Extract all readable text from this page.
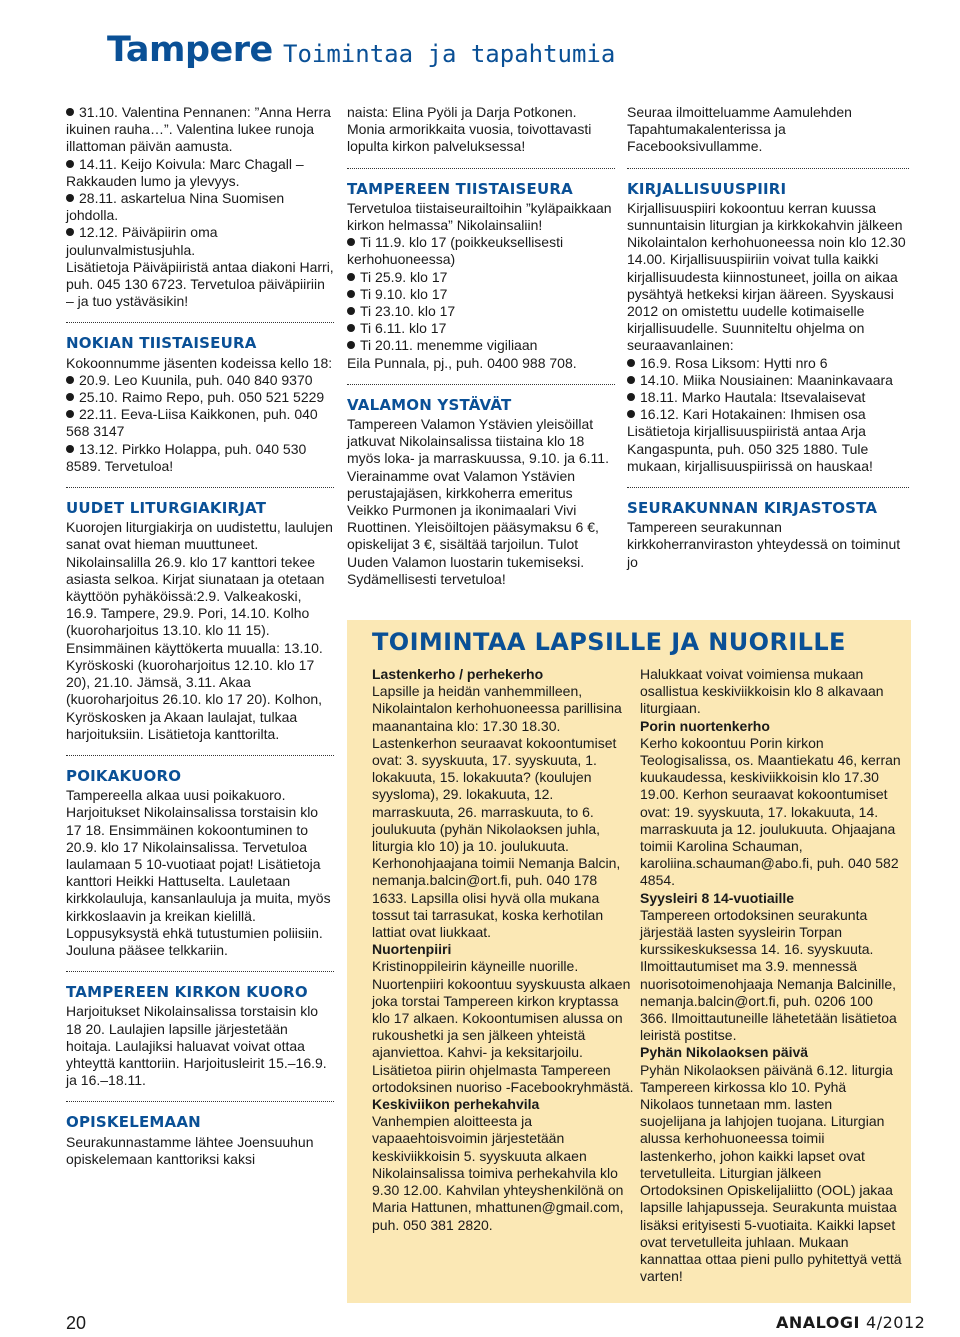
Tampere Toimintaa ja tapahtumia

31.10. Valentina Pennanen: ”Anna Herra ikuinen rauha…”. Valentina lukee runoja illattoman päivän aamusta.

14.11. Keijo Koivula: Marc Chagall – Rakkauden lumo ja ylevyys.

28.11. askartelua Nina Suomisen johdolla.

12.12. Päiväpiirin oma joulunvalmistusjuhla.

Lisätietoja Päiväpiiristä antaa diakoni Harri, puh. 045 130 6723. Tervetuloa päiväpiiriin – ja tuo ystäväsikin!

NOKIAN TIISTAISEURA

Kokoonnumme jäsenten kodeissa kello 18:

20.9. Leo Kuunila, puh. 040 840 9370

25.10. Raimo Repo, puh. 050 521 5229

22.11. Eeva-Liisa Kaikkonen, puh. 040 568 3147

13.12. Pirkko Holappa, puh. 040 530 8589. Tervetuloa!

UUDET LITURGIAKIRJAT

Kuorojen liturgiakirja on uudistettu, laulujen sanat ovat hieman muuttuneet. Nikolainsalilla 26.9. klo 17 kanttori tekee asiasta selkoa. Kirjat siunataan ja otetaan käyttöön pyhäköissä:2.9. Valkeakoski, 16.9. Tampere, 29.9. Pori, 14.10. Kolho (kuoroharjoitus 13.10. klo 11 15). Ensimmäinen käyttökerta muualla: 13.10. Kyröskoski (kuoroharjoitus 12.10. klo 17 20), 21.10. Jämsä, 3.11. Akaa (kuoroharjoitus 26.10. klo 17 20). Kolhon, Kyröskosken ja Akaan laulajat, tulkaa harjoituksiin. Lisätietoja kanttorilta.

POIKAKUORO

Tampereella alkaa uusi poikakuoro. Harjoitukset Nikolainsalissa torstaisin klo 17 18. Ensimmäinen kokoontuminen to 20.9. klo 17 Nikolainsalissa. Tervetuloa laulamaan 5 10-vuotiaat pojat! Lisätietoja kanttori Heikki Hattuselta. Lauletaan kirkkolauluja, kansanlauluja ja muita, myös kirkkoslaavin ja kreikan kielillä. Loppusyksystä ehkä tutustumien poliisiin. Jouluna pääsee telkkariin.

TAMPEREEN KIRKON KUORO

Harjoitukset Nikolainsalissa torstaisin klo 18 20. Laulajien lapsille järjestetään hoitaja. Laulajiksi haluavat voivat ottaa yhteyttä kanttoriin. Harjoitusleirit 15.–16.9. ja 16.–18.11.

OPISKELEMAAN

Seurakunnastamme lähtee Joensuuhun opiskelemaan kanttoriksi kaksi

naista: Elina Pyöli ja Darja Potkonen. Monia armorikkaita vuosia, toivottavasti lopulta kirkon palveluksessa!

TAMPEREEN TIISTAISEURA

Tervetuloa tiistaiseurailtoihin ”kyläpaikkaan kirkon helmassa” Nikolainsaliin!

Ti 11.9. klo 17 (poikkeuksellisesti kerhohuoneessa)

Ti 25.9. klo 17

Ti 9.10. klo 17

Ti 23.10. klo 17

Ti 6.11. klo 17

Ti 20.11. menemme vigiliaan

Eila Punnala, pj., puh. 0400 988 708.

VALAMON YSTÄVÄT

Tampereen Valamon Ystävien yleisöillat jatkuvat Nikolainsalissa tiistaina klo 18 myös loka- ja marraskuussa, 9.10. ja 6.11. Vierainamme ovat Valamon Ystävien perustajajäsen, kirkkoherra emeritus Veikko Purmonen ja ikonimaalari Vivi Ruottinen. Yleisöiltojen pääsymaksu 6 €, opiskelijat 3 €, sisältää tarjoilun. Tulot Uuden Valamon luostarin tukemiseksi. Sydämellisesti tervetuloa!

Seuraa ilmoitteluamme Aamulehden Tapahtumakalenterissa ja Facebooksivullamme.

KIRJALLISUUSPIIRI

Kirjallisuuspiiri kokoontuu kerran kuussa sunnuntaisin liturgian ja kirkkokahvin jälkeen Nikolaintalon kerhohuoneessa noin klo 12.30 14.00. Kirjallisuuspiiriin voivat tulla kaikki kirjallisuudesta kiinnostuneet, joilla on aikaa pysähtyä hetkeksi kirjan ääreen. Syyskausi 2012 on omistettu uudelle kotimaiselle kirjallisuudelle. Suunniteltu ohjelma on seuraavanlainen:

16.9. Rosa Liksom: Hytti nro 6

14.10. Miika Nousiainen: Maaninkavaara

18.11. Marko Hautala: Itsevalaisevat

16.12. Kari Hotakainen: Ihmisen osa

Lisätietoja kirjallisuuspiiristä antaa Arja Kangaspunta, puh. 050 325 1880. Tule mukaan, kirjallisuuspiirissä on hauskaa!

SEURAKUNNAN KIRJASTOSTA

Tampereen seurakunnan kirkkoherranviraston yhteydessä on toiminut jo

TOIMINTAA LAPSILLE JA NUORILLE

Lastenkerho / perhekerho

Lapsille ja heidän vanhemmilleen, Nikolaintalon kerhohuoneessa parillisina maanantaina klo: 17.30 18.30. Lastenkerhon seuraavat kokoontumiset ovat: 3. syyskuuta, 17. syyskuuta, 1. lokakuuta, 15. lokakuuta? (koulujen syysloma), 29. lokakuuta, 12. marraskuuta, 26. marraskuuta, to 6. joulukuuta (pyhän Nikolaoksen juhla, liturgia klo 10) ja 10. joulukuuta. Kerhonohjaajana toimii Nemanja Balcin, nemanja.balcin@ort.fi, puh. 040 178 1633. Lapsilla olisi hyvä olla mukana tossut tai tarrasukat, koska kerhotilan lattiat ovat liukkaat.

Nuortenpiiri

Kristinoppileirin käyneille nuorille. Nuortenpiiri kokoontuu syyskuusta alkaen joka torstai Tampereen kirkon kryptassa klo 17 alkaen. Kokoontumisen alussa on rukoushetki ja sen jälkeen yhteistä ajanviettoa. Kahvi- ja keksitarjoilu. Lisätietoa piirin ohjelmasta Tampereen ortodoksinen nuoriso -Facebookryhmästä.

Keskiviikon perhekahvila

Vanhempien aloitteesta ja vapaaehtoisvoimin järjestetään keskiviikkoisin 5. syyskuuta alkaen Nikolainsalissa toimiva perhekahvila klo 9.30 12.00. Kahvilan yhteyshenkilönä on Maria Hattunen, mhattunen@gmail.com, puh. 050 381 2820.

Halukkaat voivat voimiensa mukaan osallistua keskiviikkoisin klo 8 alkavaan liturgiaan.

Porin nuortenkerho

Kerho kokoontuu Porin kirkon Teologisalissa, os. Maantiekatu 46, kerran kuukaudessa, keskiviikkoisin klo 17.30 19.00. Kerhon seuraavat kokoontumiset ovat: 19. syyskuuta, 17. lokakuuta, 14. marraskuuta ja 12. joulukuuta. Ohjaajana toimii Karolina Schauman, karoliina.schauman@abo.fi, puh. 040 582 4854.

Syysleiri 8 14-vuotiaille

Tampereen ortodoksinen seurakunta järjestää lasten syysleirin Torpan kurssikeskuksessa 14. 16. syyskuuta. Ilmoittautumiset ma 3.9. mennessä nuorisotoimenohjaaja Nemanja Balcinille, nemanja.balcin@ort.fi, puh. 0206 100 366. Ilmoittautuneille lähetetään lisätietoa leiristä postitse.

Pyhän Nikolaoksen päivä

Pyhän Nikolaoksen päivänä 6.12. liturgia Tampereen kirkossa klo 10. Pyhä Nikolaos tunnetaan mm. lasten suojelijana ja lahjojen tuojana. Liturgian alussa kerhohuoneessa toimii lastenkerho, johon kaikki lapset ovat tervetulleita. Liturgian jälkeen Ortodoksinen Opiskelijaliitto (OOL) jakaa lapsille lahjapusseja. Seurakunta muistaa lisäksi erityisesti 5-vuotiaita. Kaikki lapset ovat tervetulleita juhlaan. Mukaan kannattaa ottaa pieni pullo pyhitettyä vettä varten!

20	ANALOGI 4/2012
